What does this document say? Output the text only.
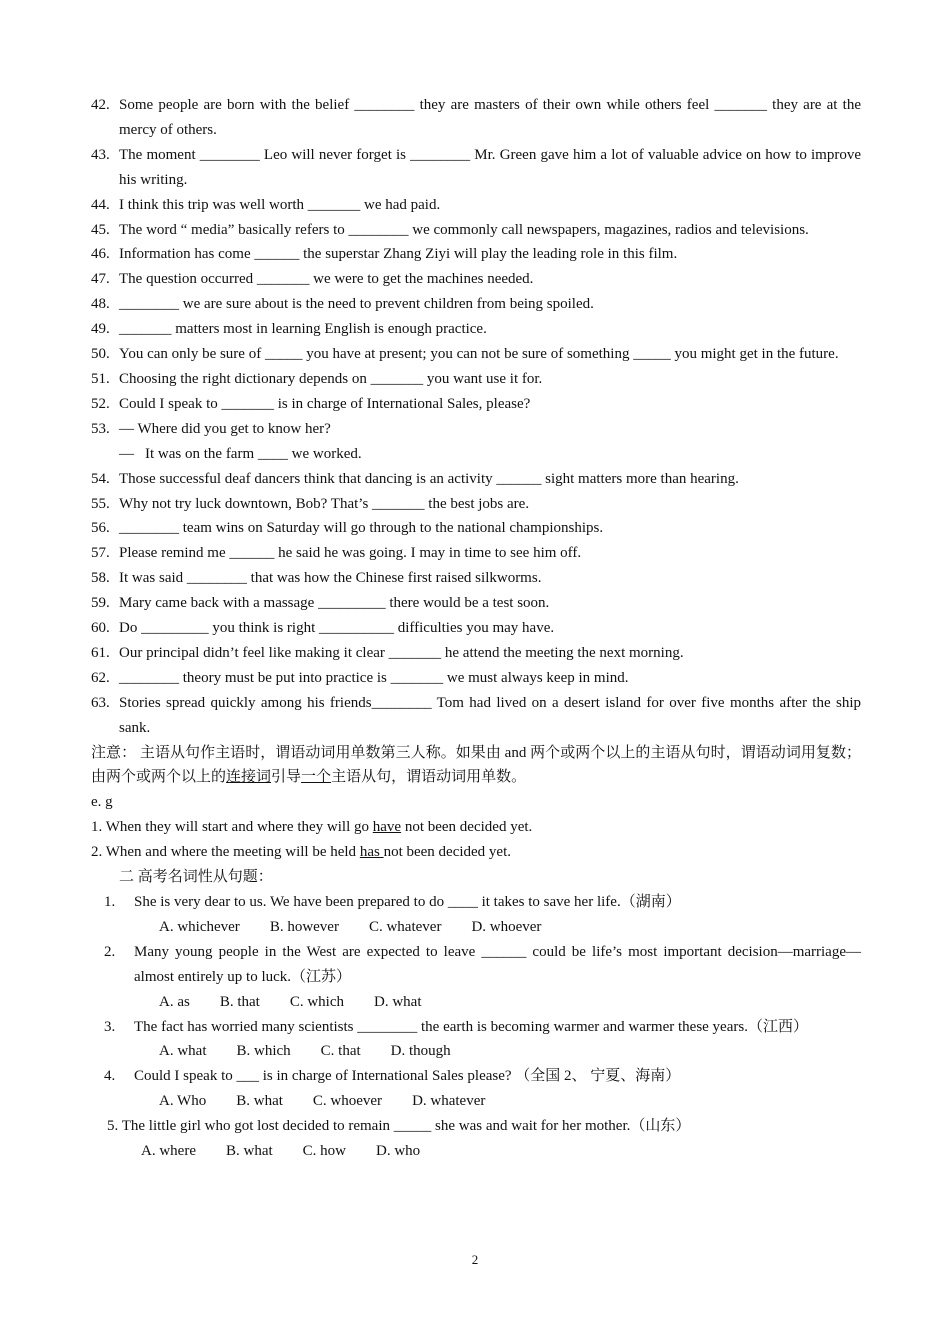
42. Some people are born with the belief ________ they are masters of their own while others feel _______ they are at the mercy of others.
43. The moment ________ Leo will never forget is ________ Mr. Green gave him a lot of valuable advice on how to improve his writing.
44. I think this trip was well worth _______ we had paid.
45. The word “ media” basically refers to ________ we commonly call newspapers, magazines, radios and televisions.
46. Information has come ______ the superstar Zhang Ziyi will play the leading role in this film.
47. The question occurred _______ we were to get the machines needed.
48. ________ we are sure about is the need to prevent children from being spoiled.
49. _______ matters most in learning English is enough practice.
50. You can only be sure of _____ you have at present; you can not be sure of something _____ you might get in the future.
51. Choosing the right dictionary depends on _______ you want use it for.
52. Could I speak to _______ is in charge of International Sales, please?
53. — Where did you get to know her?
— It was on the farm ____ we worked.
54. Those successful deaf dancers think that dancing is an activity ______ sight matters more than hearing.
55. Why not try luck downtown, Bob? That’s _______ the best jobs are.
56. ________ team wins on Saturday will go through to the national championships.
57. Please remind me ______ he said he was going. I may in time to see him off.
58. It was said ________ that was how the Chinese first raised silkworms.
59. Mary came back with a massage _________ there would be a test soon.
60. Do _________ you think is right __________ difficulties you may have.
61. Our principal didn’t feel like making it clear _______ he attend the meeting the next morning.
62. ________ theory must be put into practice is _______ we must always keep in mind.
63. Stories spread quickly among his friends________ Tom had lived on a desert island for over five months after the ship sank.
注意： 主语从句作主语时，谓语动词用单数第三人称。如果由 and 两个或两个以上的主语从句时，谓语动词用复数； 由两个或两个以上的连接词引导一个主语从句，谓语动词用单数。
e. g
1. When they will start and where they will go have not been decided yet.
2. When and where the meeting will be held has not been decided yet.
二 高考名词性从句题：
1.	She is very dear to us. We have been prepared to do ____ it takes to save her life.（湖南）
A. whichever B. however C. whatever D. whoever
2.	Many young people in the West are expected to leave ______ could be life’s most important decision—marriage—almost entirely up to luck.（江苏）
A. as B. that C. which D. what
3.	The fact has worried many scientists ________ the earth is becoming warmer and warmer these years.（江西）
A. what B. which C. that D. though
4.	Could I speak to ___ is in charge of International Sales please? （全国 2、 宁夏、海南）
A. Who B. what C. whoever D. whatever
5. The little girl who got lost decided to remain _____ she was and wait for her mother.（山东）
A. where B. what C. how D. who
2
